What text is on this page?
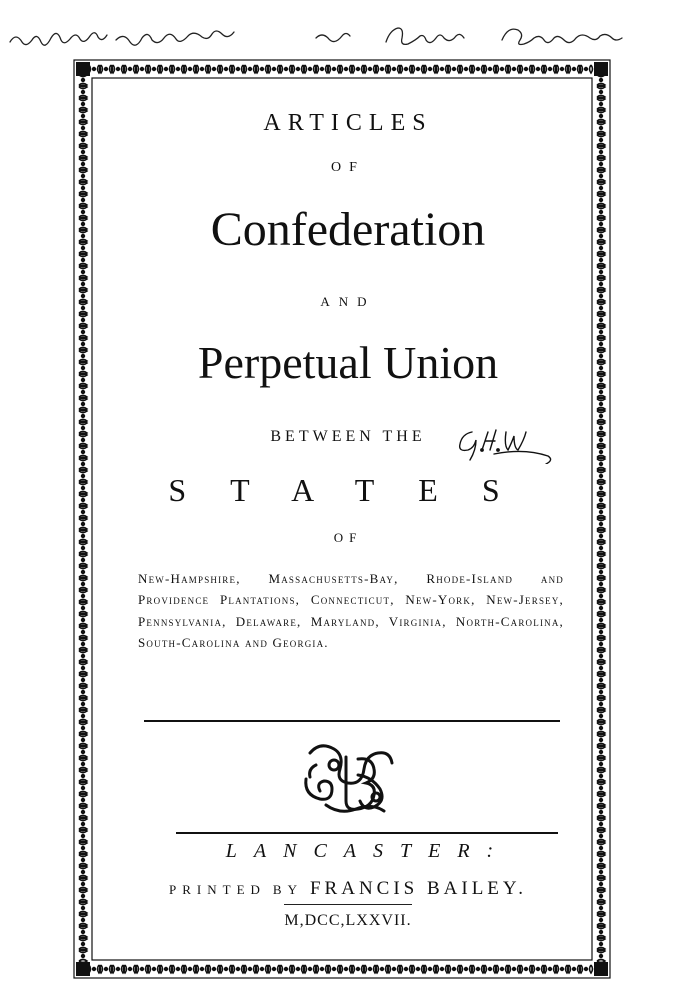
ARTICLES
OF
Confederation
AND
Perpetual Union
BETWEEN THE
STATES
OF
New-Hampshire, Massachusetts-Bay, Rhode-Island and Providence Plantations, Connecticut, New-York, New-Jersey, Pennsylvania, Delaware, Maryland, Virginia, North-Carolina, South-Carolina and Georgia.
LANCASTER:
PRINTED BY FRANCIS BAILEY.
M,DCC,LXXVII.
